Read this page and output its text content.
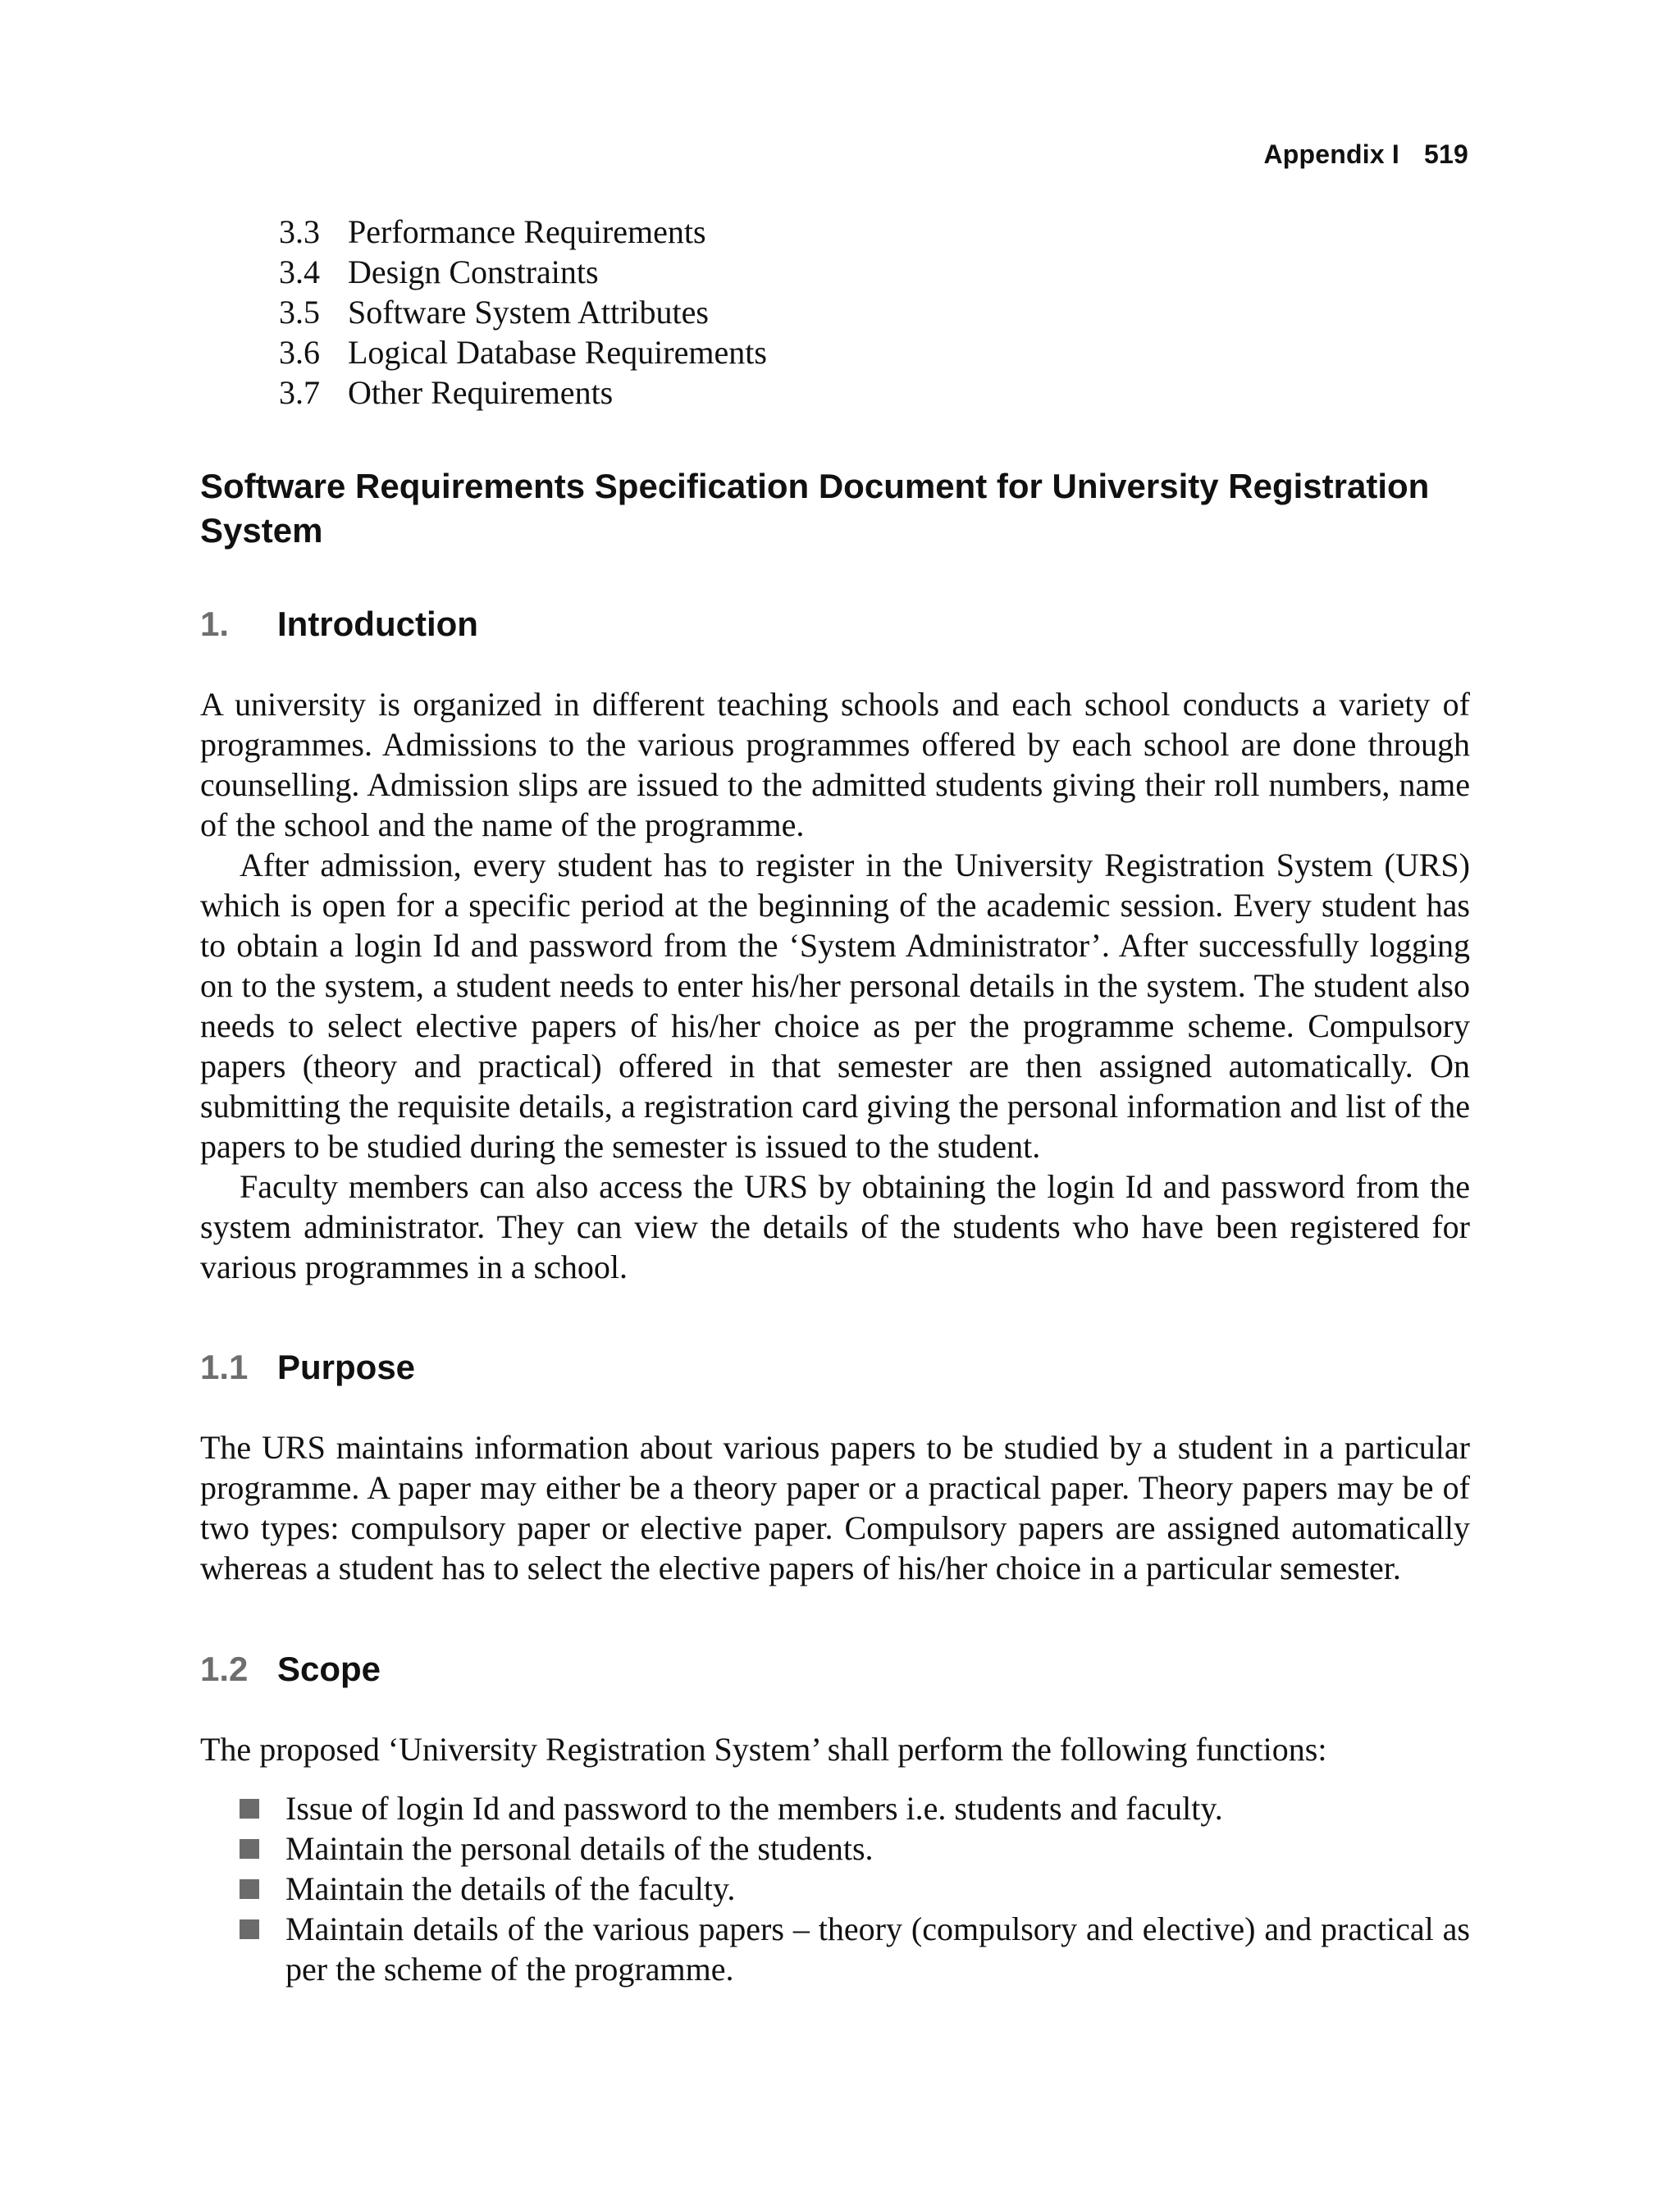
Appendix I 519
3.3 Performance Requirements
3.4 Design Constraints
3.5 Software System Attributes
3.6 Logical Database Requirements
3.7 Other Requirements
Software Requirements Specification Document for University Registration System
1. Introduction

A university is organized in different teaching schools and each school conducts a variety of programmes. Admissions to the various programmes offered by each school are done through counselling. Admission slips are issued to the admitted students giving their roll numbers, name of the school and the name of the programme.

After admission, every student has to register in the University Registration System (URS) which is open for a specific period at the beginning of the academic session. Every student has to obtain a login Id and password from the ‘System Administrator’. After successfully logging on to the system, a student needs to enter his/her personal details in the system. The student also needs to select elective papers of his/her choice as per the programme scheme. Compulsory papers (theory and practical) offered in that semester are then assigned automatically. On submitting the requisite details, a registration card giving the personal information and list of the papers to be studied during the semester is issued to the student.

Faculty members can also access the URS by obtaining the login Id and password from the system administrator. They can view the details of the students who have been registered for various programmes in a school.

1.1 Purpose

The URS maintains information about various papers to be studied by a student in a particular programme. A paper may either be a theory paper or a practical paper. Theory papers may be of two types: compulsory paper or elective paper. Compulsory papers are assigned automatically whereas a student has to select the elective papers of his/her choice in a particular semester.

1.2 Scope

The proposed ‘University Registration System’ shall perform the following functions:

Issue of login Id and password to the members i.e. students and faculty.
Maintain the personal details of the students.
Maintain the details of the faculty.
Maintain details of the various papers – theory (compulsory and elective) and practical as per the scheme of the programme.
